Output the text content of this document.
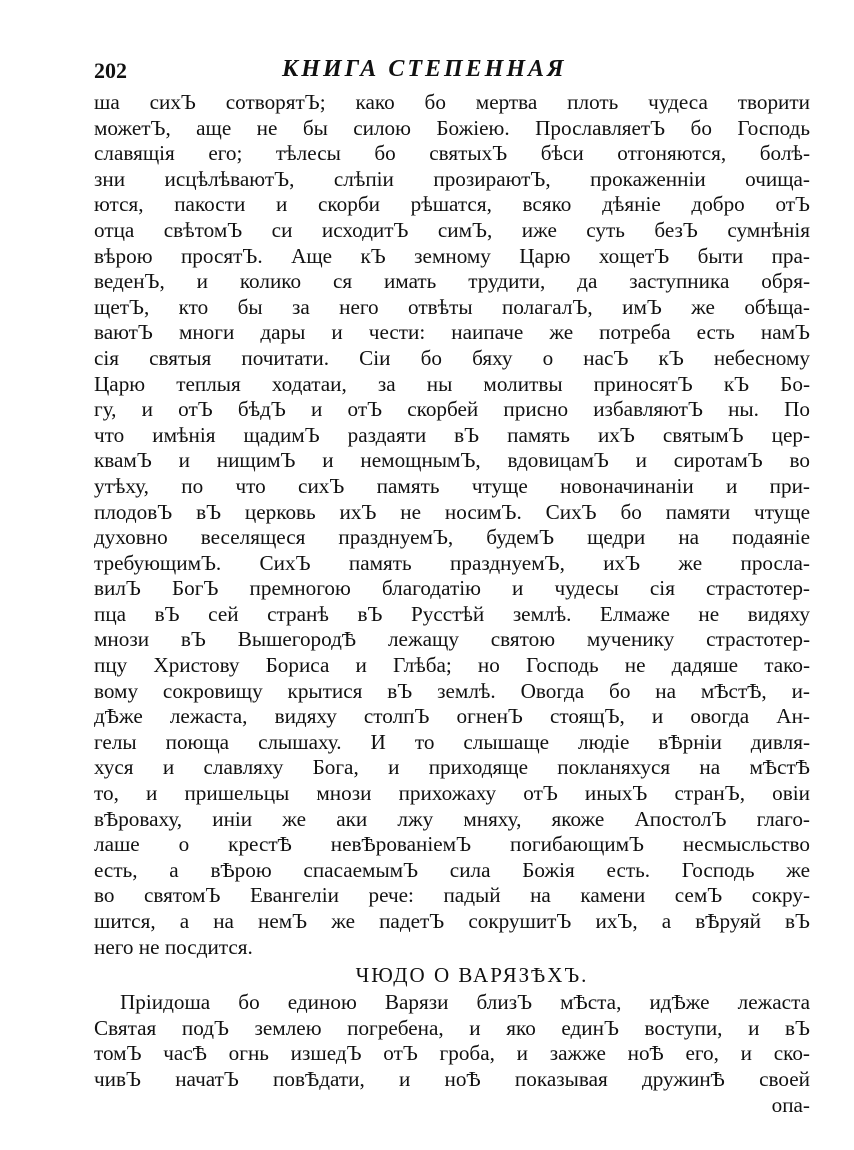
202	КНИГА СТЕПЕННАЯ
ша сихЪ сотворятЪ; како бо мертва плоть чудеса творити
можетЪ, аще не бы силою Божiею. ПрославляетЪ бо Господь
славящiя его; тѣлесы бо святыхЪ бѣси отгоняются, болѣ-
зни исцѣлѣваютЪ, слѣпiи прозираютЪ, прокаженнiи очища-
ются, пакости и скорби рѣшатся, всяко дѣянiе добро отЪ
отца свѣтомЪ си исходитЪ симЪ, иже суть безЪ сумнѣнiя
вѣрою просятЪ. Аще кЪ земному Царю хощетЪ быти пра-
веденЪ, и колико ся имать трудити, да заступника обря-
щетЪ, кто бы за него отвѣты полагалЪ, имЪ же обѣща-
ваютЪ многи дары и чести: наипаче же потреба есть намЪ
сiя святыя почитати. Сiи бо бяху о насЪ кЪ небесному
Царю теплыя ходатаи, за ны молитвы приносятЪ кЪ Бо-
гу, и отЪ бѣдЪ и отЪ скорбей присно избавляютЪ ны. По
что имѣнiя щадимЪ раздаяти вЪ память ихЪ святымЪ цер-
квамЪ и нищимЪ и немощнымЪ, вдовицамЪ и сиротамЪ во
утѣху, по что сихЪ память чтуще новоначинанiи и при-
плодовЪ вЪ церковь ихЪ не носимЪ. СихЪ бо памяти чтуще
духовно веселящеся празднуемЪ, будемЪ щедри на подаянiе
требующимЪ. СихЪ память празднуемЪ, ихЪ же просла-
вилЪ БогЪ премногою благодатiю и чудесы сiя страстотер-
пца вЪ сей странѣ вЪ Русстѣй землѣ. Елмаже не видяху
мнози вЪ ВышегородѢ лежащу святою мученику страстотер-
пцу Христову Бориса и Глѣба; но Господь не дадяше тако-
вому сокровищу крытися вЪ землѣ. Овогда бо на мѢстѢ, и-
дѢже лежаста, видяху столпЪ огненЪ стоящЪ, и овогда Ан-
гелы поюща слышаху. И то слышаще людiе вѢрнiи дивля-
хуся и славляху Бога, и приходяще покланяхуся на мѢстѢ
то, и пришельцы мнози прихожаху отЪ иныхЪ странЪ, овiи
вѢроваху, инiи же аки лжу мняху, якоже АпостолЪ глаго-
лаше о крестѢ невѢрованiемЪ погибающимЪ несмысльство
есть, а вѢрою спасаемымЪ сила Божiя есть. Господь же
во святомЪ Евангелiи рече: падый на камени семЪ сокру-
шится, а на немЪ же падетЪ сокрушитЪ ихЪ, а вѢруяй вЪ
него не посдится.
ЧЮДО О ВАРЯЗѢХЪ.
Прiидоша бо единою Варязи близЪ мѢста, идѢже лежаста
Святая подЪ землею погребена, и яко единЪ воступи, и вЪ
томЪ часѢ огнь изшедЪ отЪ гроба, и зажже ноѢ его, и ско-
чивЪ начатЪ повѢдати, и ноѢ показывая дружинѢ своей
опа-
